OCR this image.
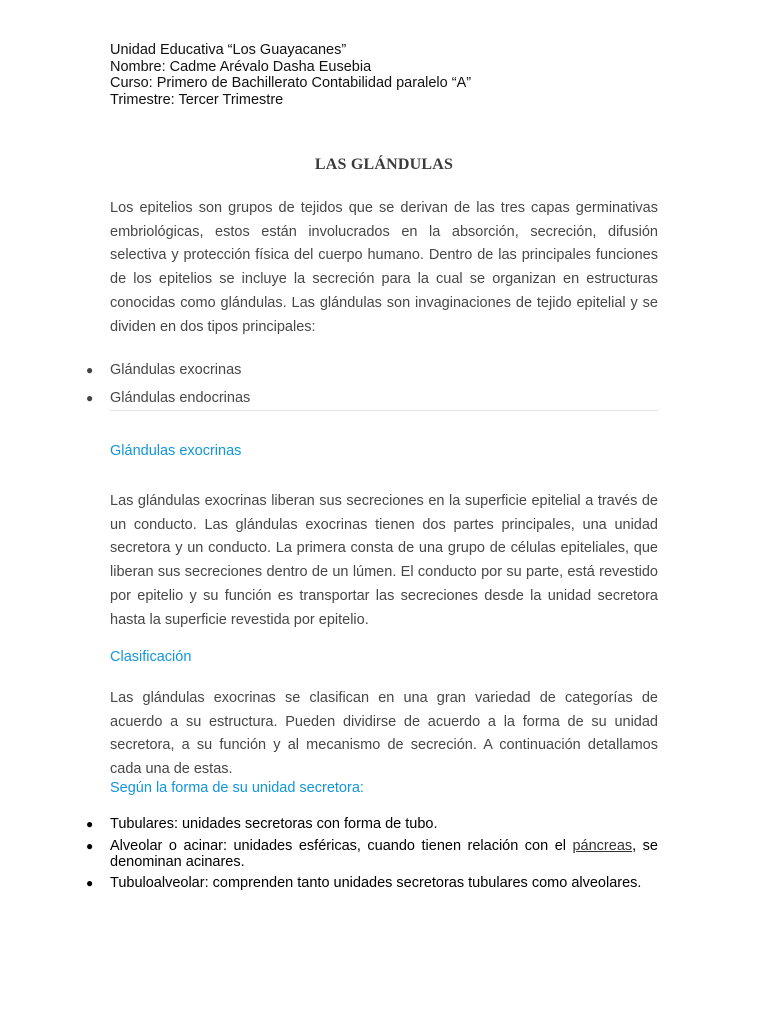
Unidad Educativa “Los Guayacanes”
Nombre: Cadme Arévalo Dasha Eusebia
Curso: Primero de Bachillerato Contabilidad paralelo “A”
Trimestre: Tercer Trimestre
LAS GLÁNDULAS

Los epitelios son grupos de tejidos que se derivan de las tres capas germinativas embriológicas, estos están involucrados en la absorción, secreción, difusión selectiva y protección física del cuerpo humano. Dentro de las principales funciones de los epitelios se incluye la secreción para la cual se organizan en estructuras conocidas como glándulas. Las glándulas son invaginaciones de tejido epitelial y se dividen en dos tipos principales:

● Glándulas exocrinas
● Glándulas endocrinas
Glándulas exocrinas

Las glándulas exocrinas liberan sus secreciones en la superficie epitelial a través de un conducto. Las glándulas exocrinas tienen dos partes principales, una unidad secretora y un conducto. La primera consta de una grupo de células epiteliales, que liberan sus secreciones dentro de un lúmen. El conducto por su parte, está revestido por epitelio y su función es transportar las secreciones desde la unidad secretora hasta la superficie revestida por epitelio.

Clasificación

Las glándulas exocrinas se clasifican en una gran variedad de categorías de acuerdo a su estructura. Pueden dividirse de acuerdo a la forma de su unidad secretora, a su función y al mecanismo de secreción. A continuación detallamos cada una de estas.

Según la forma de su unidad secretora:
● Tubulares: unidades secretoras con forma de tubo.
● Alveolar o acinar: unidades esféricas, cuando tienen relación con el páncreas, se denominan acinares.
● Tubuloalveolar: comprenden tanto unidades secretoras tubulares como alveolares.
